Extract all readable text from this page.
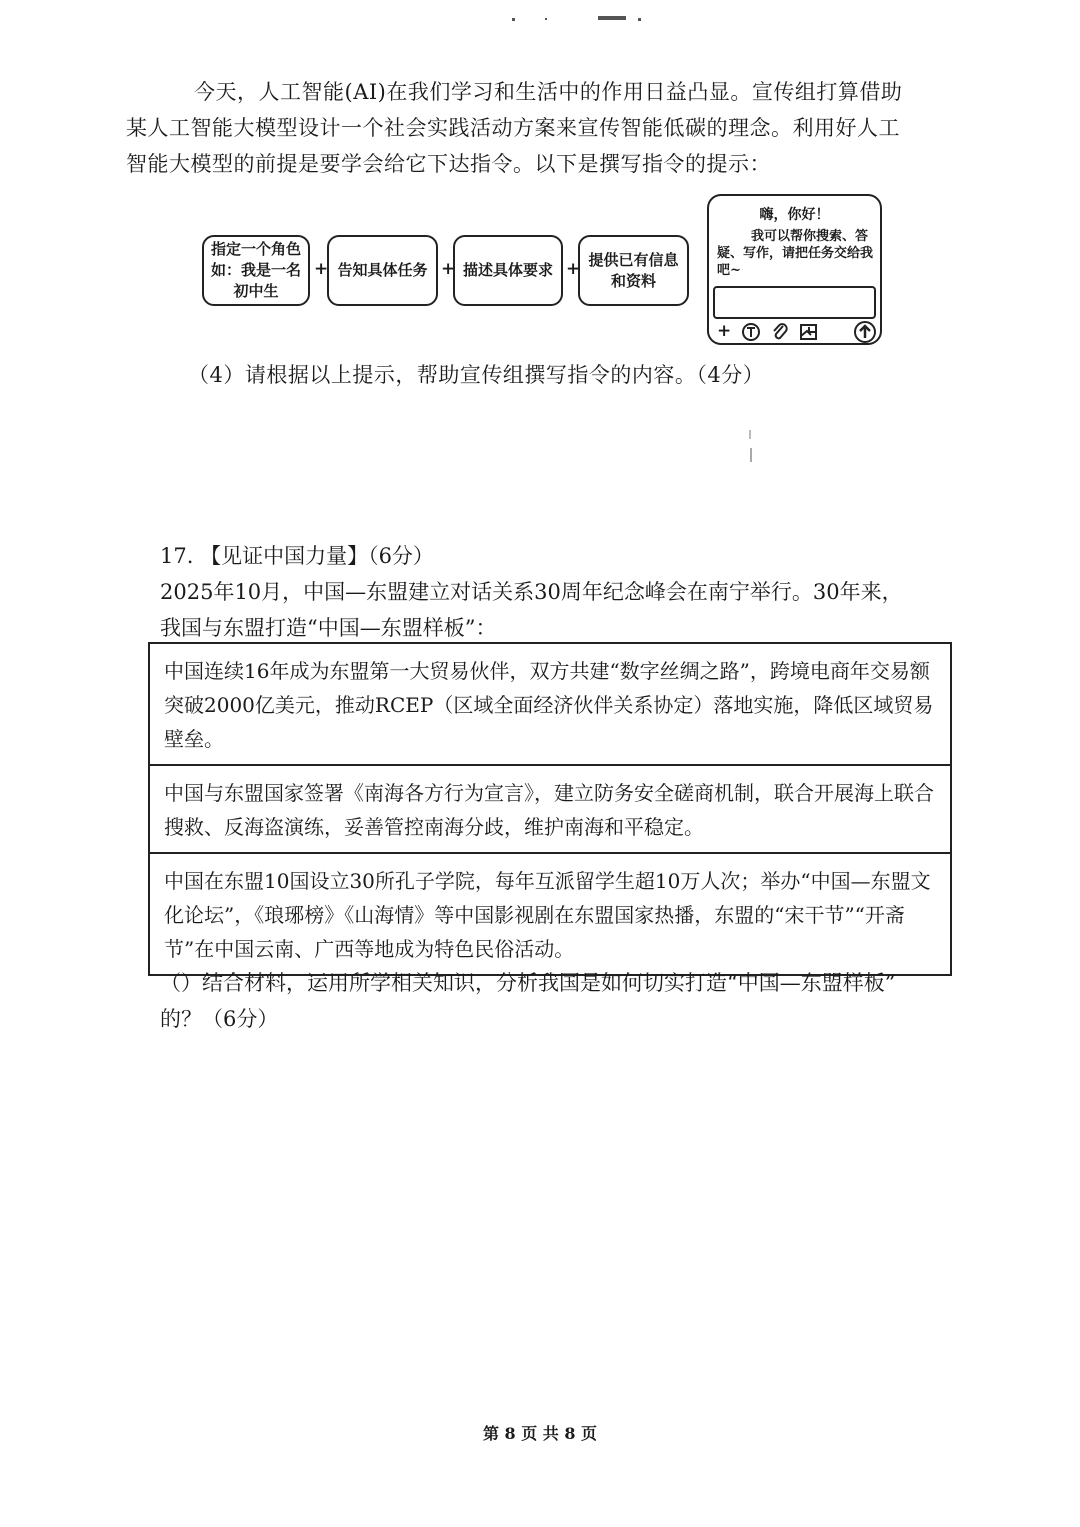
今天，人工智能(AI)在我们学习和生活中的作用日益凸显。宣传组打算借助

某人工智能大模型设计一个社会实践活动方案来宣传智能低碳的理念。利用好人工

智能大模型的前提是要学会给它下达指令。以下是撰写指令的提示：

指定一个角色如：我是一名初中生
+ 告知具体任务 + 描述具体要求 + 提供已有信息和资料
嗨，你好！
我可以帮你搜索、答疑、写作，请把任务交给我吧~
+
（4）请根据以上提示，帮助宣传组撰写指令的内容。（4分）
17. 【见证中国力量】（6分）

2025年10月，中国—东盟建立对话关系30周年纪念峰会在南宁举行。30年来，

我国与东盟打造“中国—东盟样板”：

中国连续16年成为东盟第一大贸易伙伴，双方共建“数字丝绸之路”，跨境电商年交易额突破2000亿美元，推动RCEP（区域全面经济伙伴关系协定）落地实施，降低区域贸易壁垒。
中国与东盟国家签署《南海各方行为宣言》，建立防务安全磋商机制，联合开展海上联合搜救、反海盗演练，妥善管控南海分歧，维护南海和平稳定。
中国在东盟10国设立30所孔子学院，每年互派留学生超10万人次；举办“中国—东盟文化论坛”，《琅琊榜》《山海情》等中国影视剧在东盟国家热播，东盟的“宋干节”“开斋节”在中国云南、广西等地成为特色民俗活动。

（）结合材料，运用所学相关知识，分析我国是如何切实打造“中国—东盟样板”

的？（6分）

第 8 页 共 8 页
